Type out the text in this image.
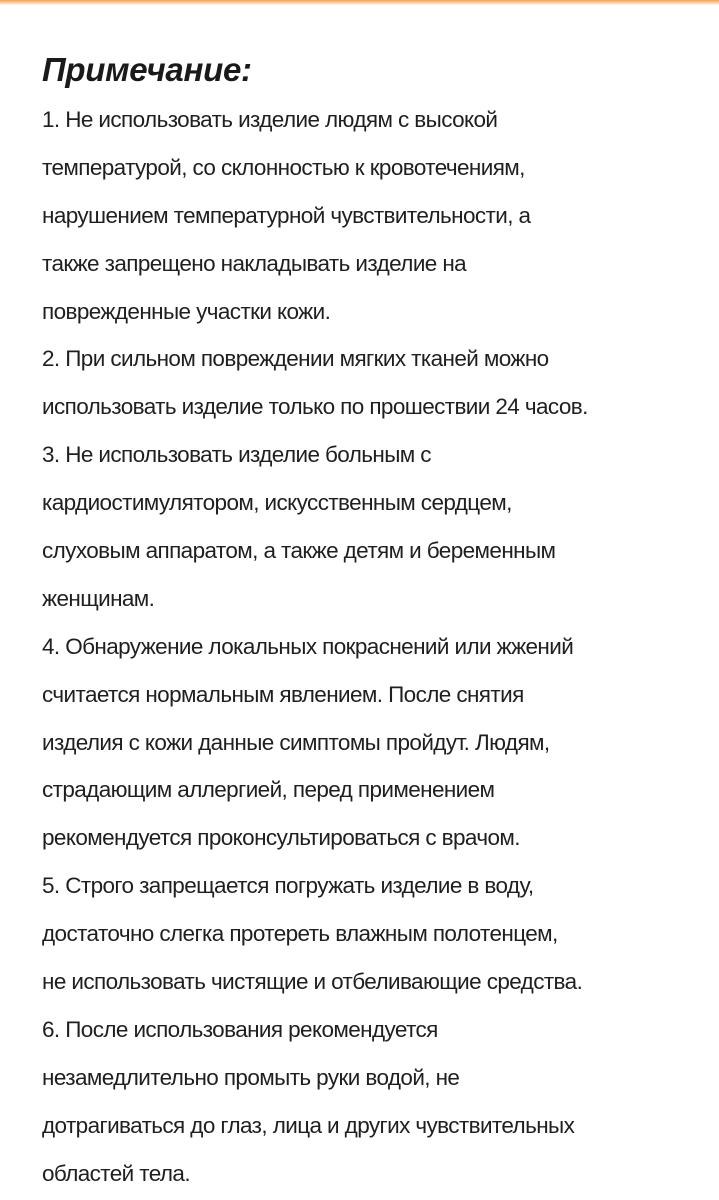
Примечание:
1. Не использовать изделие людям с высокой
температурой, со склонностью к кровотечениям,
нарушением температурной чувствительности, а
также запрещено накладывать изделие на
поврежденные участки кожи.
2. При сильном повреждении мягких тканей можно
использовать изделие только по прошествии 24 часов.
3. Не использовать изделие больным с
кардиостимулятором, искусственным сердцем,
слуховым аппаратом, а также детям и беременным
женщинам.
4. Обнаружение локальных покраснений или жжений
считается нормальным явлением. После снятия
изделия с кожи данные симптомы пройдут. Людям,
страдающим аллергией, перед применением
рекомендуется проконсультироваться с врачом.
5. Строго запрещается погружать изделие в воду,
достаточно слегка протереть влажным полотенцем,
не использовать чистящие и отбеливающие средства.
6. После использования рекомендуется
незамедлительно промыть руки водой, не
дотрагиваться до глаз, лица и других чувствительных
областей тела.
